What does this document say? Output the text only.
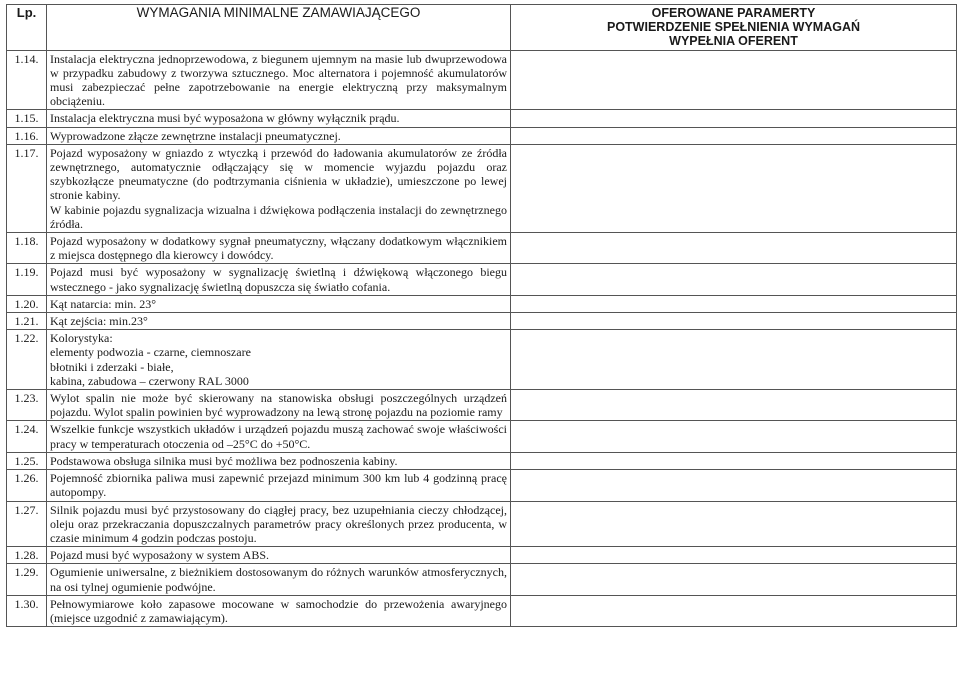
Lp.	WYMAGANIA MINIMALNE ZAMAWIAJĄCEGO	OFEROWANE PARAMERTY
POTWIERDZENIE SPEŁNIENIA WYMAGAŃ
WYPEŁNIA OFERENT

1.14.	Instalacja elektryczna jednoprzewodowa, z biegunem ujemnym na masie lub dwuprzewodowa w przypadku zabudowy z tworzywa sztucznego. Moc alternatora i pojemność akumulatorów musi zabezpieczać pełne zapotrzebowanie na energie elektryczną przy maksymalnym obciążeniu.	

1.15.	Instalacja elektryczna musi być wyposażona w główny wyłącznik prądu.	

1.16.	Wyprowadzone złącze zewnętrzne instalacji pneumatycznej.	

1.17.	Pojazd wyposażony w gniazdo z wtyczką i przewód do ładowania akumulatorów ze źródła zewnętrznego, automatycznie odłączający się w momencie wyjazdu pojazdu oraz szybkozłącze pneumatyczne (do podtrzymania ciśnienia w układzie), umieszczone po lewej stronie kabiny.
W kabinie pojazdu sygnalizacja wizualna i dźwiękowa podłączenia instalacji do zewnętrznego źródła.	

1.18.	Pojazd wyposażony w dodatkowy sygnał pneumatyczny, włączany dodatkowym włącznikiem z miejsca dostępnego dla kierowcy i dowódcy.	

1.19.	Pojazd musi być wyposażony w sygnalizację świetlną i dźwiękową włączonego biegu wstecznego - jako sygnalizację świetlną dopuszcza się światło cofania.	

1.20.	Kąt natarcia: min. 23°	

1.21.	Kąt zejścia: min.23°	

1.22.	Kolorystyka:
elementy podwozia - czarne, ciemnoszare
błotniki i zderzaki - białe,
kabina, zabudowa – czerwony RAL 3000	

1.23.	Wylot spalin nie może być skierowany na stanowiska obsługi poszczególnych urządzeń pojazdu. Wylot spalin powinien być wyprowadzony na lewą stronę pojazdu na poziomie ramy	

1.24.	Wszelkie funkcje wszystkich układów i urządzeń pojazdu muszą zachować swoje właściwości pracy w temperaturach otoczenia od –25°C do +50°C.	

1.25.	Podstawowa obsługa silnika musi być możliwa bez podnoszenia kabiny.	

1.26.	Pojemność zbiornika paliwa musi zapewnić przejazd minimum 300 km lub 4 godzinną pracę autopompy.	

1.27.	Silnik pojazdu musi być przystosowany do ciągłej pracy, bez uzupełniania cieczy chłodzącej, oleju oraz przekraczania dopuszczalnych parametrów pracy określonych przez producenta, w czasie minimum 4 godzin podczas postoju.	

1.28.	Pojazd musi być wyposażony w system ABS.	

1.29.	Ogumienie uniwersalne, z bieżnikiem dostosowanym do różnych warunków atmosferycznych, na osi tylnej ogumienie podwójne.	

1.30.	Pełnowymiarowe koło zapasowe mocowane w samochodzie do przewożenia awaryjnego (miejsce uzgodnić z zamawiającym).	
